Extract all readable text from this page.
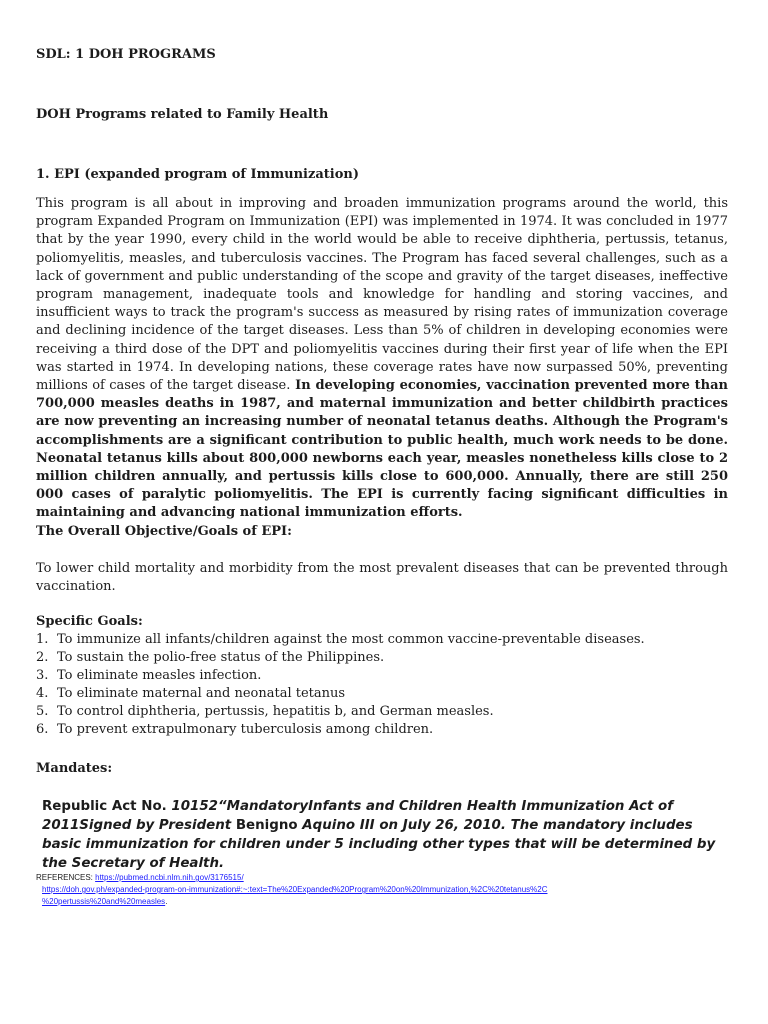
SDL: 1 DOH PROGRAMS
DOH Programs related to Family Health
1. EPI (expanded program of Immunization)
This program is all about in improving and broaden immunization programs around the world, this program Expanded Program on Immunization (EPI) was implemented in 1974. It was concluded in 1977 that by the year 1990, every child in the world would be able to receive diphtheria, pertussis, tetanus, poliomyelitis, measles, and tuberculosis vaccines. The Program has faced several challenges, such as a lack of government and public understanding of the scope and gravity of the target diseases, ineffective program management, inadequate tools and knowledge for handling and storing vaccines, and insufficient ways to track the program's success as measured by rising rates of immunization coverage and declining incidence of the target diseases. Less than 5% of children in developing economies were receiving a third dose of the DPT and poliomyelitis vaccines during their first year of life when the EPI was started in 1974. In developing nations, these coverage rates have now surpassed 50%, preventing millions of cases of the target disease. In developing economies, vaccination prevented more than 700,000 measles deaths in 1987, and maternal immunization and better childbirth practices are now preventing an increasing number of neonatal tetanus deaths. Although the Program's accomplishments are a significant contribution to public health, much work needs to be done. Neonatal tetanus kills about 800,000 newborns each year, measles nonetheless kills close to 2 million children annually, and pertussis kills close to 600,000. Annually, there are still 250 000 cases of paralytic poliomyelitis. The EPI is currently facing significant difficulties in maintaining and advancing national immunization efforts.
The Overall Objective/Goals of EPI:
To lower child mortality and morbidity from the most prevalent diseases that can be prevented through vaccination.
Specific Goals:
1. To immunize all infants/children against the most common vaccine-preventable diseases.
2. To sustain the polio-free status of the Philippines.
3. To eliminate measles infection.
4. To eliminate maternal and neonatal tetanus
5. To control diphtheria, pertussis, hepatitis b, and German measles.
6. To prevent extrapulmonary tuberculosis among children.
Mandates:
Republic Act No. 10152“MandatoryInfants and Children Health Immunization Act of 2011Signed by President Benigno Aquino III on July 26, 2010. The mandatory includes basic immunization for children under 5 including other types that will be determined by the Secretary of Health.
REFERENCES: https://pubmed.ncbi.nlm.nih.gov/3176515/
https://doh.gov.ph/expanded-program-on-immunization#:~:text=The%20Expanded%20Program%20on%20Immunization,%2C%20tetanus%2C
%20pertussis%20and%20measles.
